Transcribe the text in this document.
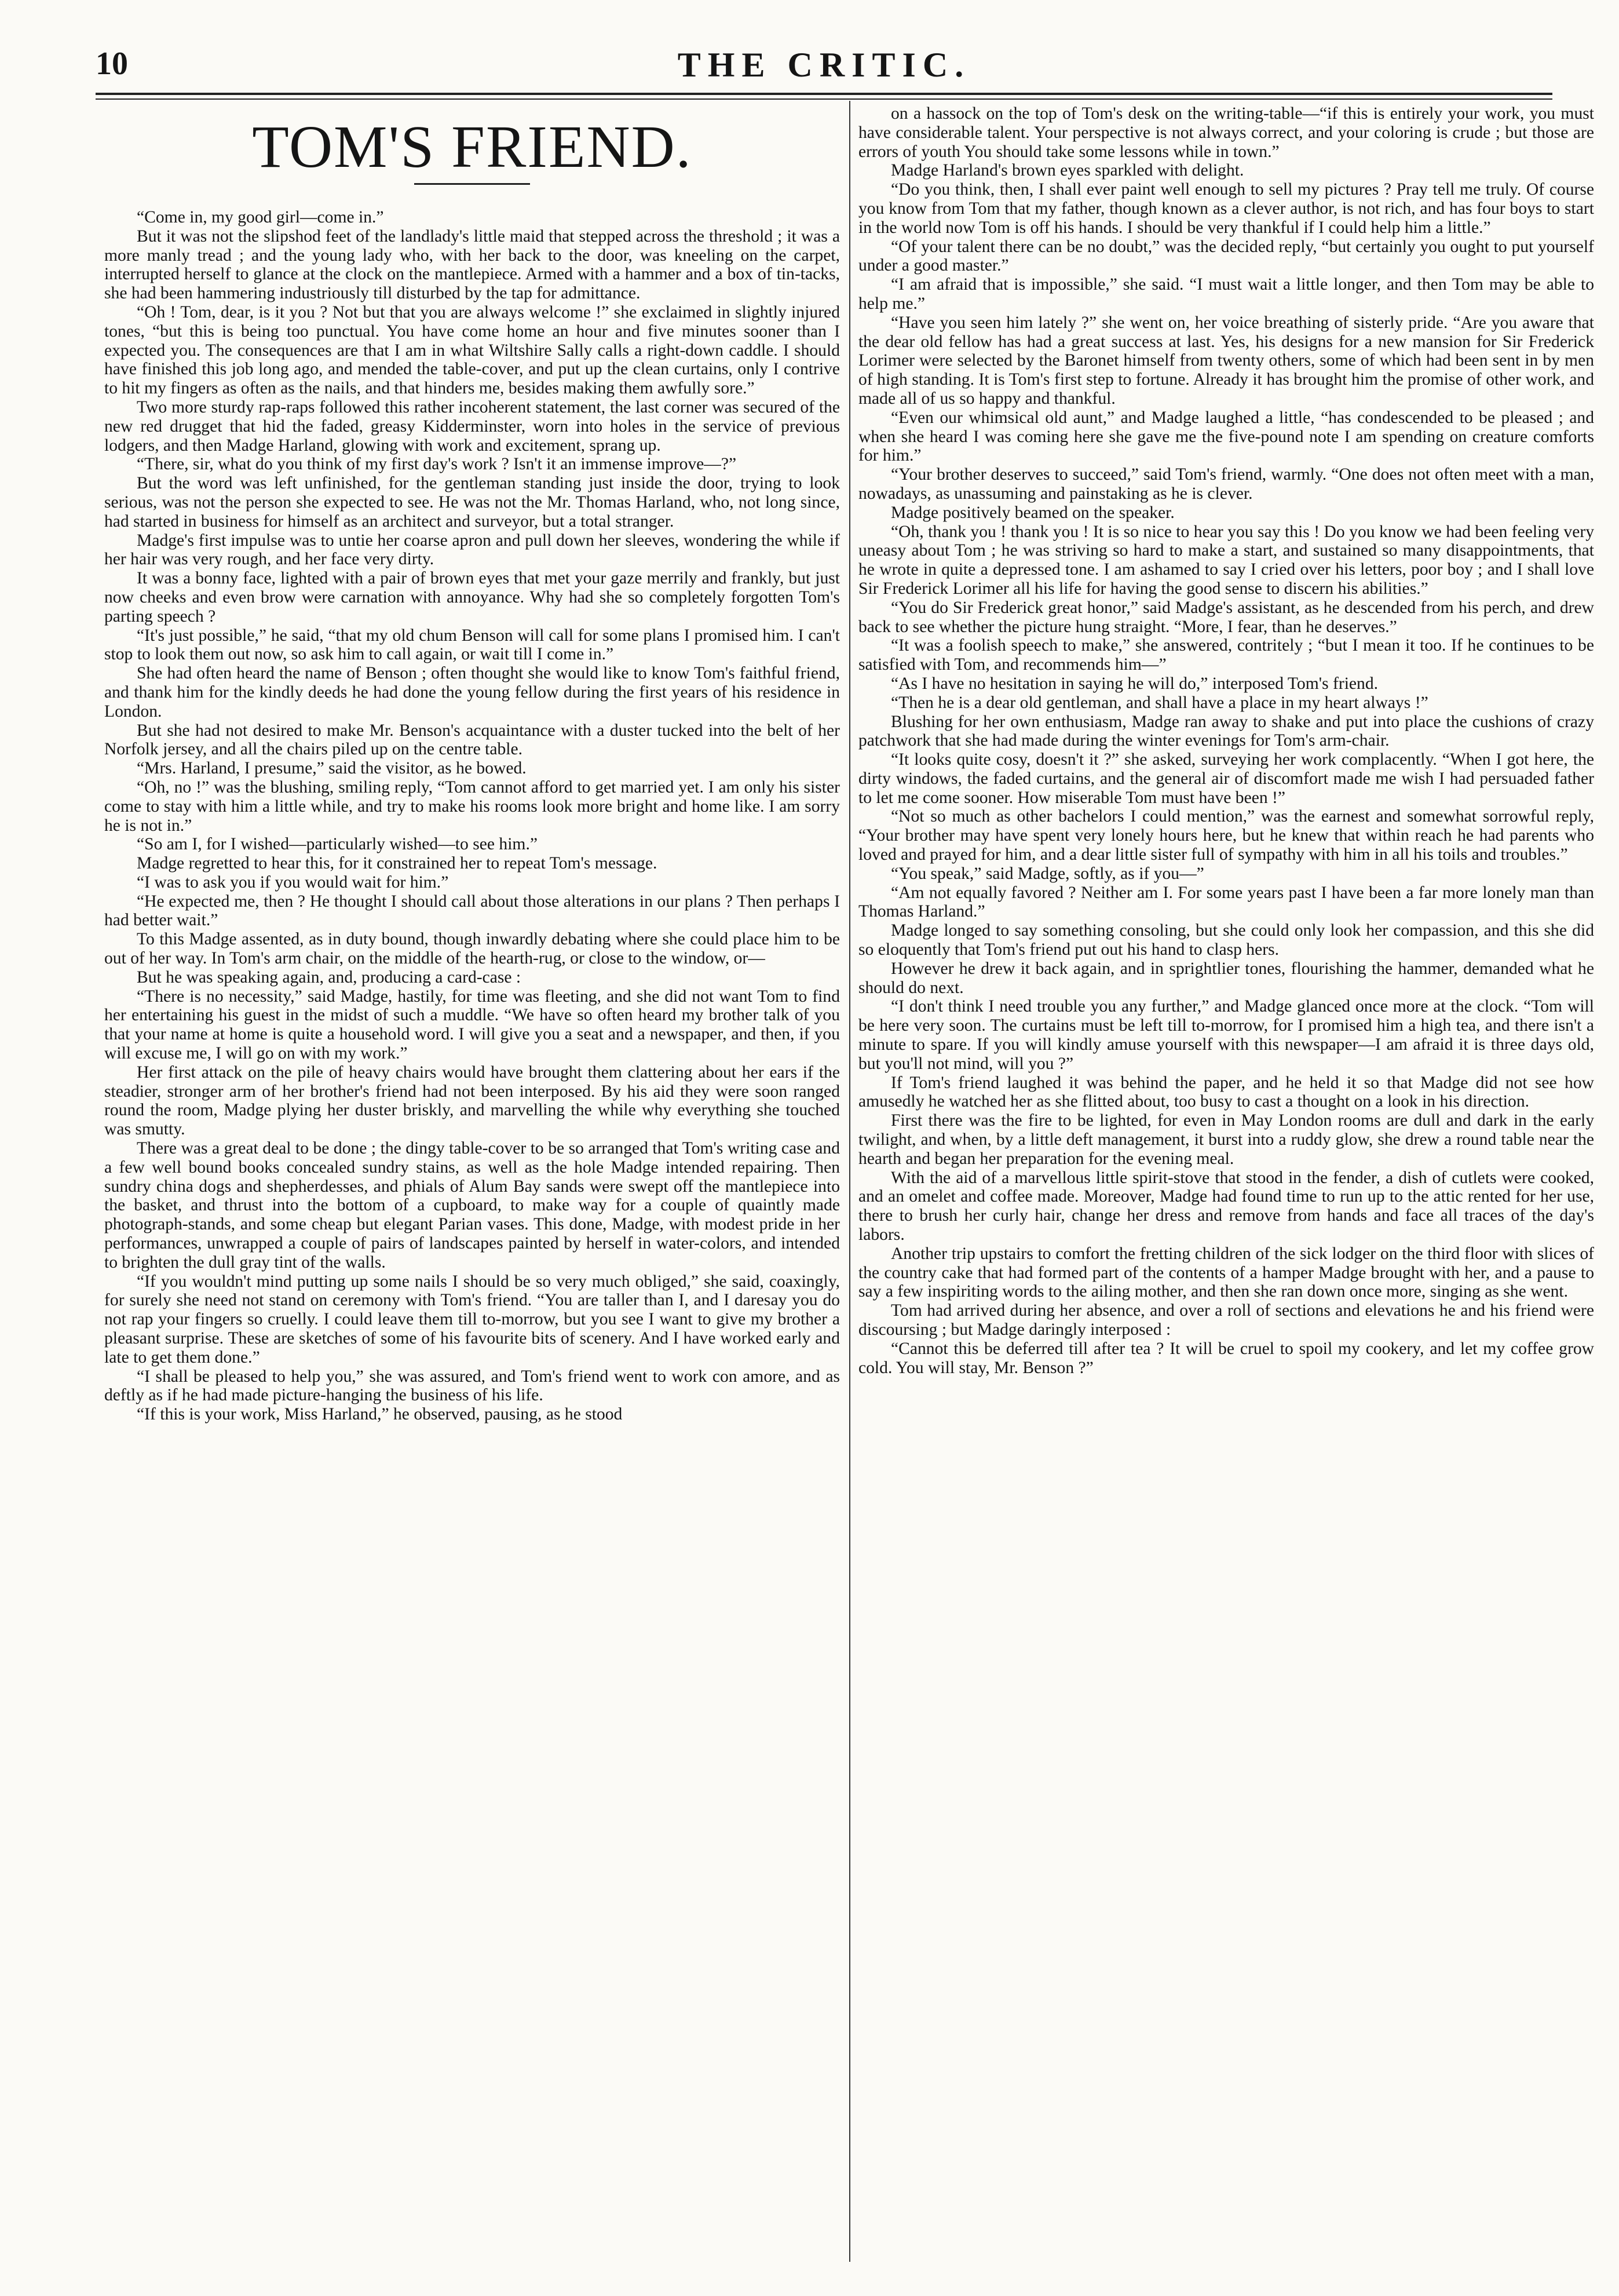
10	THE CRITIC.
TOM'S FRIEND.

“Come in, my good girl—come in.”

But it was not the slipshod feet of the landlady's little maid that stepped across the threshold ; it was a more manly tread ; and the young lady who, with her back to the door, was kneeling on the carpet, interrupted herself to glance at the clock on the mantlepiece. Armed with a hammer and a box of tin-tacks, she had been hammering industriously till disturbed by the tap for admittance.

“Oh ! Tom, dear, is it you ? Not but that you are always welcome !” she exclaimed in slightly injured tones, “but this is being too punctual. You have come home an hour and five minutes sooner than I expected you. The consequences are that I am in what Wiltshire Sally calls a right-down caddle. I should have finished this job long ago, and mended the table-cover, and put up the clean curtains, only I contrive to hit my fingers as often as the nails, and that hinders me, besides making them awfully sore.”

Two more sturdy rap-raps followed this rather incoherent statement, the last corner was secured of the new red drugget that hid the faded, greasy Kidderminster, worn into holes in the service of previous lodgers, and then Madge Harland, glowing with work and excitement, sprang up.

“There, sir, what do you think of my first day's work ? Isn't it an immense improve—?”

But the word was left unfinished, for the gentleman standing just inside the door, trying to look serious, was not the person she expected to see. He was not the Mr. Thomas Harland, who, not long since, had started in business for himself as an architect and surveyor, but a total stranger.

Madge's first impulse was to untie her coarse apron and pull down her sleeves, wondering the while if her hair was very rough, and her face very dirty.

It was a bonny face, lighted with a pair of brown eyes that met your gaze merrily and frankly, but just now cheeks and even brow were carnation with annoyance. Why had she so completely forgotten Tom's parting speech ?

“It's just possible,” he said, “that my old chum Benson will call for some plans I promised him. I can't stop to look them out now, so ask him to call again, or wait till I come in.”

She had often heard the name of Benson ; often thought she would like to know Tom's faithful friend, and thank him for the kindly deeds he had done the young fellow during the first years of his residence in London.

But she had not desired to make Mr. Benson's acquaintance with a duster tucked into the belt of her Norfolk jersey, and all the chairs piled up on the centre table.

“Mrs. Harland, I presume,” said the visitor, as he bowed.

“Oh, no !” was the blushing, smiling reply, “Tom cannot afford to get married yet. I am only his sister come to stay with him a little while, and try to make his rooms look more bright and home like. I am sorry he is not in.”

“So am I, for I wished—particularly wished—to see him.”

Madge regretted to hear this, for it constrained her to repeat Tom's message.

“I was to ask you if you would wait for him.”

“He expected me, then ? He thought I should call about those alterations in our plans ? Then perhaps I had better wait.”

To this Madge assented, as in duty bound, though inwardly debating where she could place him to be out of her way. In Tom's arm chair, on the middle of the hearth-rug, or close to the window, or—

But he was speaking again, and, producing a card-case :

“There is no necessity,” said Madge, hastily, for time was fleeting, and she did not want Tom to find her entertaining his guest in the midst of such a muddle. “We have so often heard my brother talk of you that your name at home is quite a household word. I will give you a seat and a newspaper, and then, if you will excuse me, I will go on with my work.”

Her first attack on the pile of heavy chairs would have brought them clattering about her ears if the steadier, stronger arm of her brother's friend had not been interposed. By his aid they were soon ranged round the room, Madge plying her duster briskly, and marvelling the while why everything she touched was smutty.

There was a great deal to be done ; the dingy table-cover to be so arranged that Tom's writing case and a few well bound books concealed sundry stains, as well as the hole Madge intended repairing. Then sundry china dogs and shepherdesses, and phials of Alum Bay sands were swept off the mantlepiece into the basket, and thrust into the bottom of a cupboard, to make way for a couple of quaintly made photograph-stands, and some cheap but elegant Parian vases. This done, Madge, with modest pride in her performances, unwrapped a couple of pairs of landscapes painted by herself in water-colors, and intended to brighten the dull gray tint of the walls.

“If you wouldn't mind putting up some nails I should be so very much obliged,” she said, coaxingly, for surely she need not stand on ceremony with Tom's friend. “You are taller than I, and I daresay you do not rap your fingers so cruelly. I could leave them till to-morrow, but you see I want to give my brother a pleasant surprise. These are sketches of some of his favourite bits of scenery. And I have worked early and late to get them done.”

“I shall be pleased to help you,” she was assured, and Tom's friend went to work con amore, and as deftly as if he had made picture-hanging the business of his life.

“If this is your work, Miss Harland,” he observed, pausing, as he stood

on a hassock on the top of Tom's desk on the writing-table—“if this is entirely your work, you must have considerable talent. Your perspective is not always correct, and your coloring is crude ; but those are errors of youth You should take some lessons while in town.”

Madge Harland's brown eyes sparkled with delight.

“Do you think, then, I shall ever paint well enough to sell my pictures ? Pray tell me truly. Of course you know from Tom that my father, though known as a clever author, is not rich, and has four boys to start in the world now Tom is off his hands. I should be very thankful if I could help him a little.”

“Of your talent there can be no doubt,” was the decided reply, “but certainly you ought to put yourself under a good master.”

“I am afraid that is impossible,” she said. “I must wait a little longer, and then Tom may be able to help me.”

“Have you seen him lately ?” she went on, her voice breathing of sisterly pride. “Are you aware that the dear old fellow has had a great success at last. Yes, his designs for a new mansion for Sir Frederick Lorimer were selected by the Baronet himself from twenty others, some of which had been sent in by men of high standing. It is Tom's first step to fortune. Already it has brought him the promise of other work, and made all of us so happy and thankful.

“Even our whimsical old aunt,” and Madge laughed a little, “has condescended to be pleased ; and when she heard I was coming here she gave me the five-pound note I am spending on creature comforts for him.”

“Your brother deserves to succeed,” said Tom's friend, warmly. “One does not often meet with a man, nowadays, as unassuming and painstaking as he is clever.

Madge positively beamed on the speaker.

“Oh, thank you ! thank you ! It is so nice to hear you say this ! Do you know we had been feeling very uneasy about Tom ; he was striving so hard to make a start, and sustained so many disappointments, that he wrote in quite a depressed tone. I am ashamed to say I cried over his letters, poor boy ; and I shall love Sir Frederick Lorimer all his life for having the good sense to discern his abilities.”

“You do Sir Frederick great honor,” said Madge's assistant, as he descended from his perch, and drew back to see whether the picture hung straight. “More, I fear, than he deserves.”

“It was a foolish speech to make,” she answered, contritely ; “but I mean it too. If he continues to be satisfied with Tom, and recommends him—”

“As I have no hesitation in saying he will do,” interposed Tom's friend.

“Then he is a dear old gentleman, and shall have a place in my heart always !”

Blushing for her own enthusiasm, Madge ran away to shake and put into place the cushions of crazy patchwork that she had made during the winter evenings for Tom's arm-chair.

“It looks quite cosy, doesn't it ?” she asked, surveying her work complacently. “When I got here, the dirty windows, the faded curtains, and the general air of discomfort made me wish I had persuaded father to let me come sooner. How miserable Tom must have been !”

“Not so much as other bachelors I could mention,” was the earnest and somewhat sorrowful reply, “Your brother may have spent very lonely hours here, but he knew that within reach he had parents who loved and prayed for him, and a dear little sister full of sympathy with him in all his toils and troubles.”

“You speak,” said Madge, softly, as if you—”

“Am not equally favored ? Neither am I. For some years past I have been a far more lonely man than Thomas Harland.”

Madge longed to say something consoling, but she could only look her compassion, and this she did so eloquently that Tom's friend put out his hand to clasp hers.

However he drew it back again, and in sprightlier tones, flourishing the hammer, demanded what he should do next.

“I don't think I need trouble you any further,” and Madge glanced once more at the clock. “Tom will be here very soon. The curtains must be left till to-morrow, for I promised him a high tea, and there isn't a minute to spare. If you will kindly amuse yourself with this newspaper—I am afraid it is three days old, but you'll not mind, will you ?”

If Tom's friend laughed it was behind the paper, and he held it so that Madge did not see how amusedly he watched her as she flitted about, too busy to cast a thought on a look in his direction.

First there was the fire to be lighted, for even in May London rooms are dull and dark in the early twilight, and when, by a little deft management, it burst into a ruddy glow, she drew a round table near the hearth and began her preparation for the evening meal.

With the aid of a marvellous little spirit-stove that stood in the fender, a dish of cutlets were cooked, and an omelet and coffee made. Moreover, Madge had found time to run up to the attic rented for her use, there to brush her curly hair, change her dress and remove from hands and face all traces of the day's labors.

Another trip upstairs to comfort the fretting children of the sick lodger on the third floor with slices of the country cake that had formed part of the contents of a hamper Madge brought with her, and a pause to say a few inspiriting words to the ailing mother, and then she ran down once more, singing as she went.

Tom had arrived during her absence, and over a roll of sections and elevations he and his friend were discoursing ; but Madge daringly interposed :

“Cannot this be deferred till after tea ? It will be cruel to spoil my cookery, and let my coffee grow cold. You will stay, Mr. Benson ?”
